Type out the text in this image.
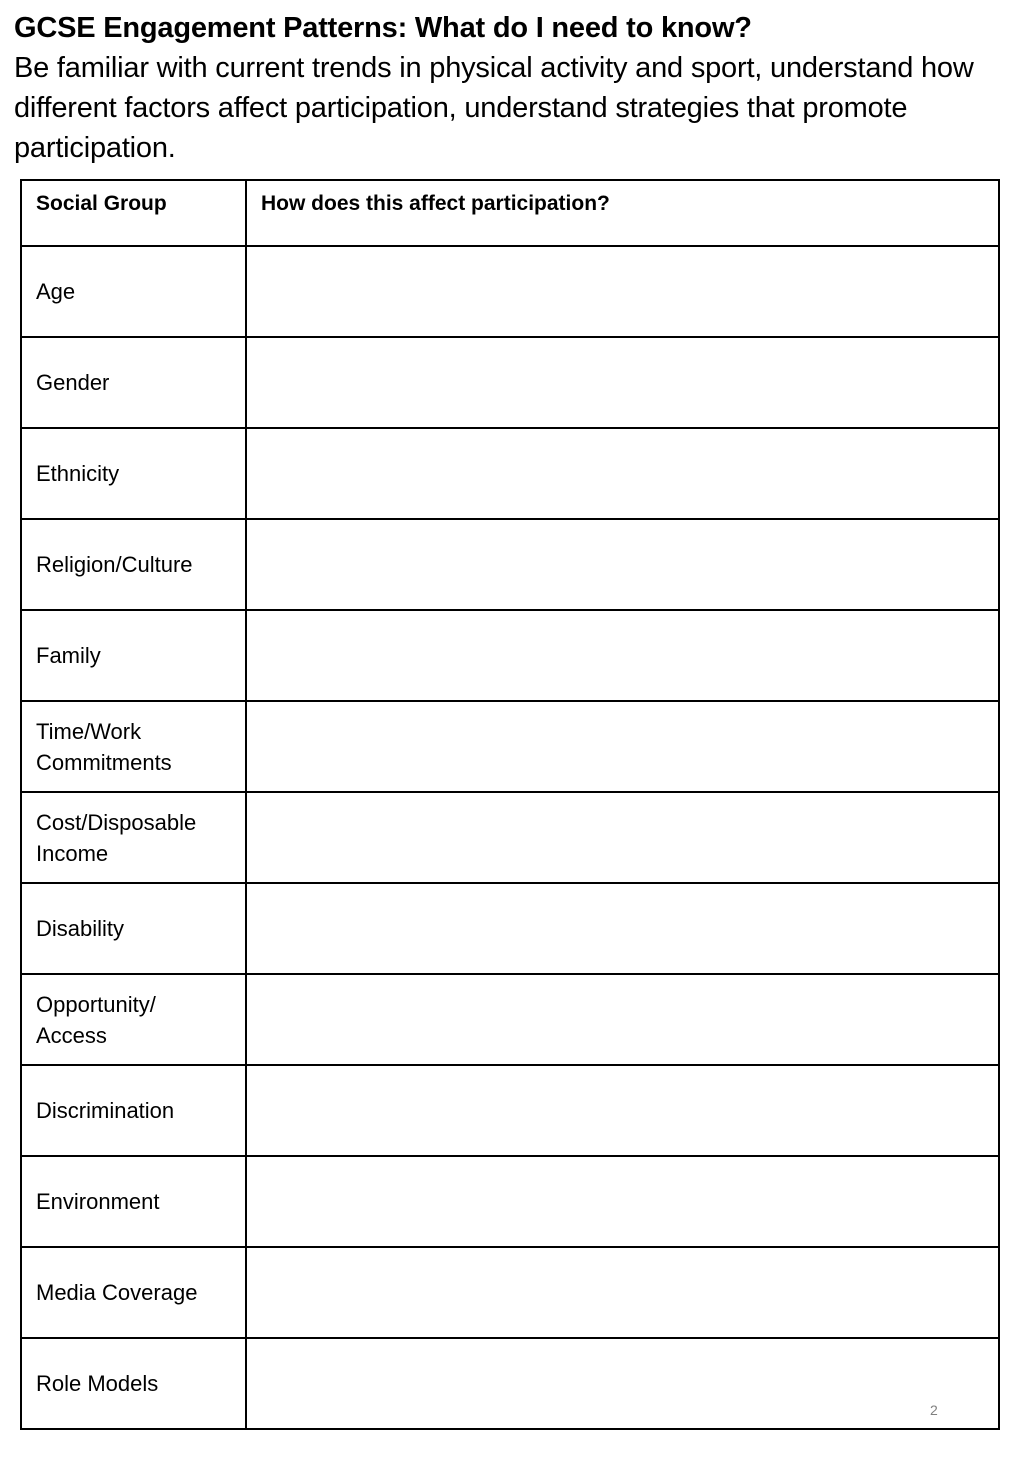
GCSE Engagement Patterns: What do I need to know?
Be familiar with current trends in physical activity and sport, understand how different factors affect participation, understand strategies that promote participation.
Social Group	How does this affect participation?
Age	
Gender	
Ethnicity	
Religion/Culture	
Family	
Time/Work Commitments	
Cost/Disposable Income	
Disability	
Opportunity/ Access	
Discrimination	
Environment	
Media Coverage	
Role Models	
2
